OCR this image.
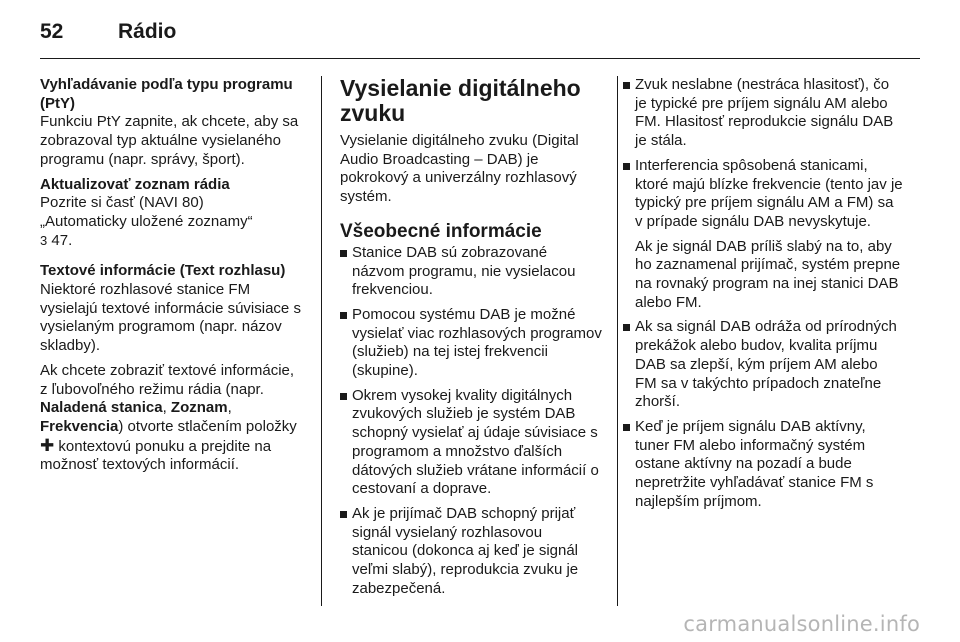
52	Rádio

Vyhľadávanie podľa typu programu (PtY)

Funkciu PtY zapnite, ak chcete, aby sa zobrazoval typ aktuálne vysielaného programu (napr. správy, šport).

Aktualizovať zoznam rádia

Pozrite si časť (NAVI 80)
„Automaticky uložené zoznamy“
3 47.

Textové informácie (Text rozhlasu)

Niektoré rozhlasové stanice FM vysielajú textové informácie súvisiace s vysielaným programom (napr. názov skladby).

Ak chcete zobraziť textové informácie, z ľubovoľného režimu rádia (napr. Naladená stanica, Zoznam, Frekvencia) otvorte stlačením položky ✚ kontextovú ponuku a prejdite na možnosť textových informácií.

Vysielanie digitálneho zvuku

Vysielanie digitálneho zvuku (Digital Audio Broadcasting – DAB) je pokrokový a univerzálny rozhlasový systém.

Všeobecné informácie

Stanice DAB sú zobrazované názvom programu, nie vysielacou frekvenciou.
Pomocou systému DAB je možné vysielať viac rozhlasových programov (služieb) na tej istej frekvencii (skupine).
Okrem vysokej kvality digitálnych zvukových služieb je systém DAB schopný vysielať aj údaje súvisiace s programom a množstvo ďalších dátových služieb vrátane informácií o cestovaní a doprave.
Ak je prijímač DAB schopný prijať signál vysielaný rozhlasovou stanicou (dokonca aj keď je signál veľmi slabý), reprodukcia zvuku je zabezpečená.
Zvuk neslabne (nestráca hlasitosť), čo je typické pre príjem signálu AM alebo FM. Hlasitosť reprodukcie signálu DAB je stála.
Interferencia spôsobená stanicami, ktoré majú blízke frekvencie (tento jav je typický pre príjem signálu AM a FM) sa v prípade signálu DAB nevyskytuje.

Ak je signál DAB príliš slabý na to, aby ho zaznamenal prijímač, systém prepne na rovnaký program na inej stanici DAB alebo FM.

Ak sa signál DAB odráža od prírodných prekážok alebo budov, kvalita príjmu DAB sa zlepší, kým príjem AM alebo FM sa v takýchto prípadoch znateľne zhorší.
Keď je príjem signálu DAB aktívny, tuner FM alebo informačný systém ostane aktívny na pozadí a bude nepretržite vyhľadávať stanice FM s najlepším príjmom.
carmanualsonline.info
